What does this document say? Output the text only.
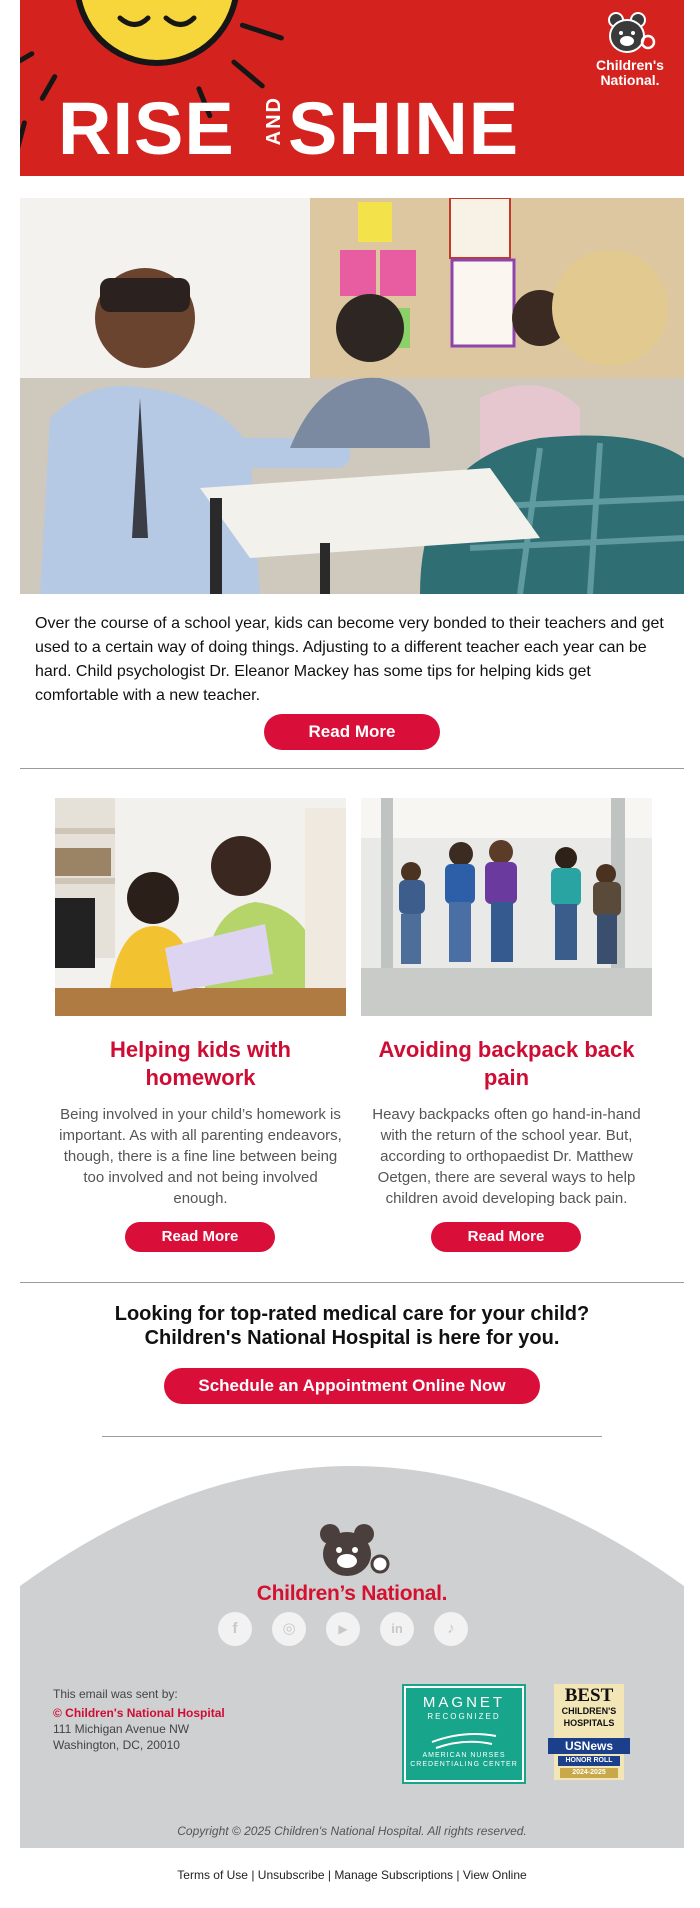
RISE AND SHINE
Children's
National.
Over the course of a school year, kids can become very bonded to their teachers and get used to a certain way of doing things. Adjusting to a different teacher each year can be hard. Child psychologist Dr. Eleanor Mackey has some tips for helping kids get comfortable with a new teacher.
Read More
Helping kids with homework
Being involved in your child’s homework is important. As with all parenting endeavors, though, there is a fine line between being too involved and not being involved enough.
Read More
Avoiding backpack back pain
Heavy backpacks often go hand-in-hand with the return of the school year. But, according to orthopaedist Dr. Matthew Oetgen, there are several ways to help children avoid developing back pain.
Read More
Looking for top-rated medical care for your child?
Children's National Hospital is here for you.
Schedule an Appointment Online Now
Children’s National.
f	◎	▶	in	♪
This email was sent by:
© Children's National Hospital
111 Michigan Avenue NW
Washington, DC, 20010
MAGNET
RECOGNIZED
AMERICAN NURSES
CREDENTIALING CENTER
BEST
CHILDREN'S
HOSPITALS
USNews
HONOR ROLL
2024-2025
Copyright © 2025 Children's National Hospital. All rights reserved.
Terms of Use | Unsubscribe | Manage Subscriptions | View Online
